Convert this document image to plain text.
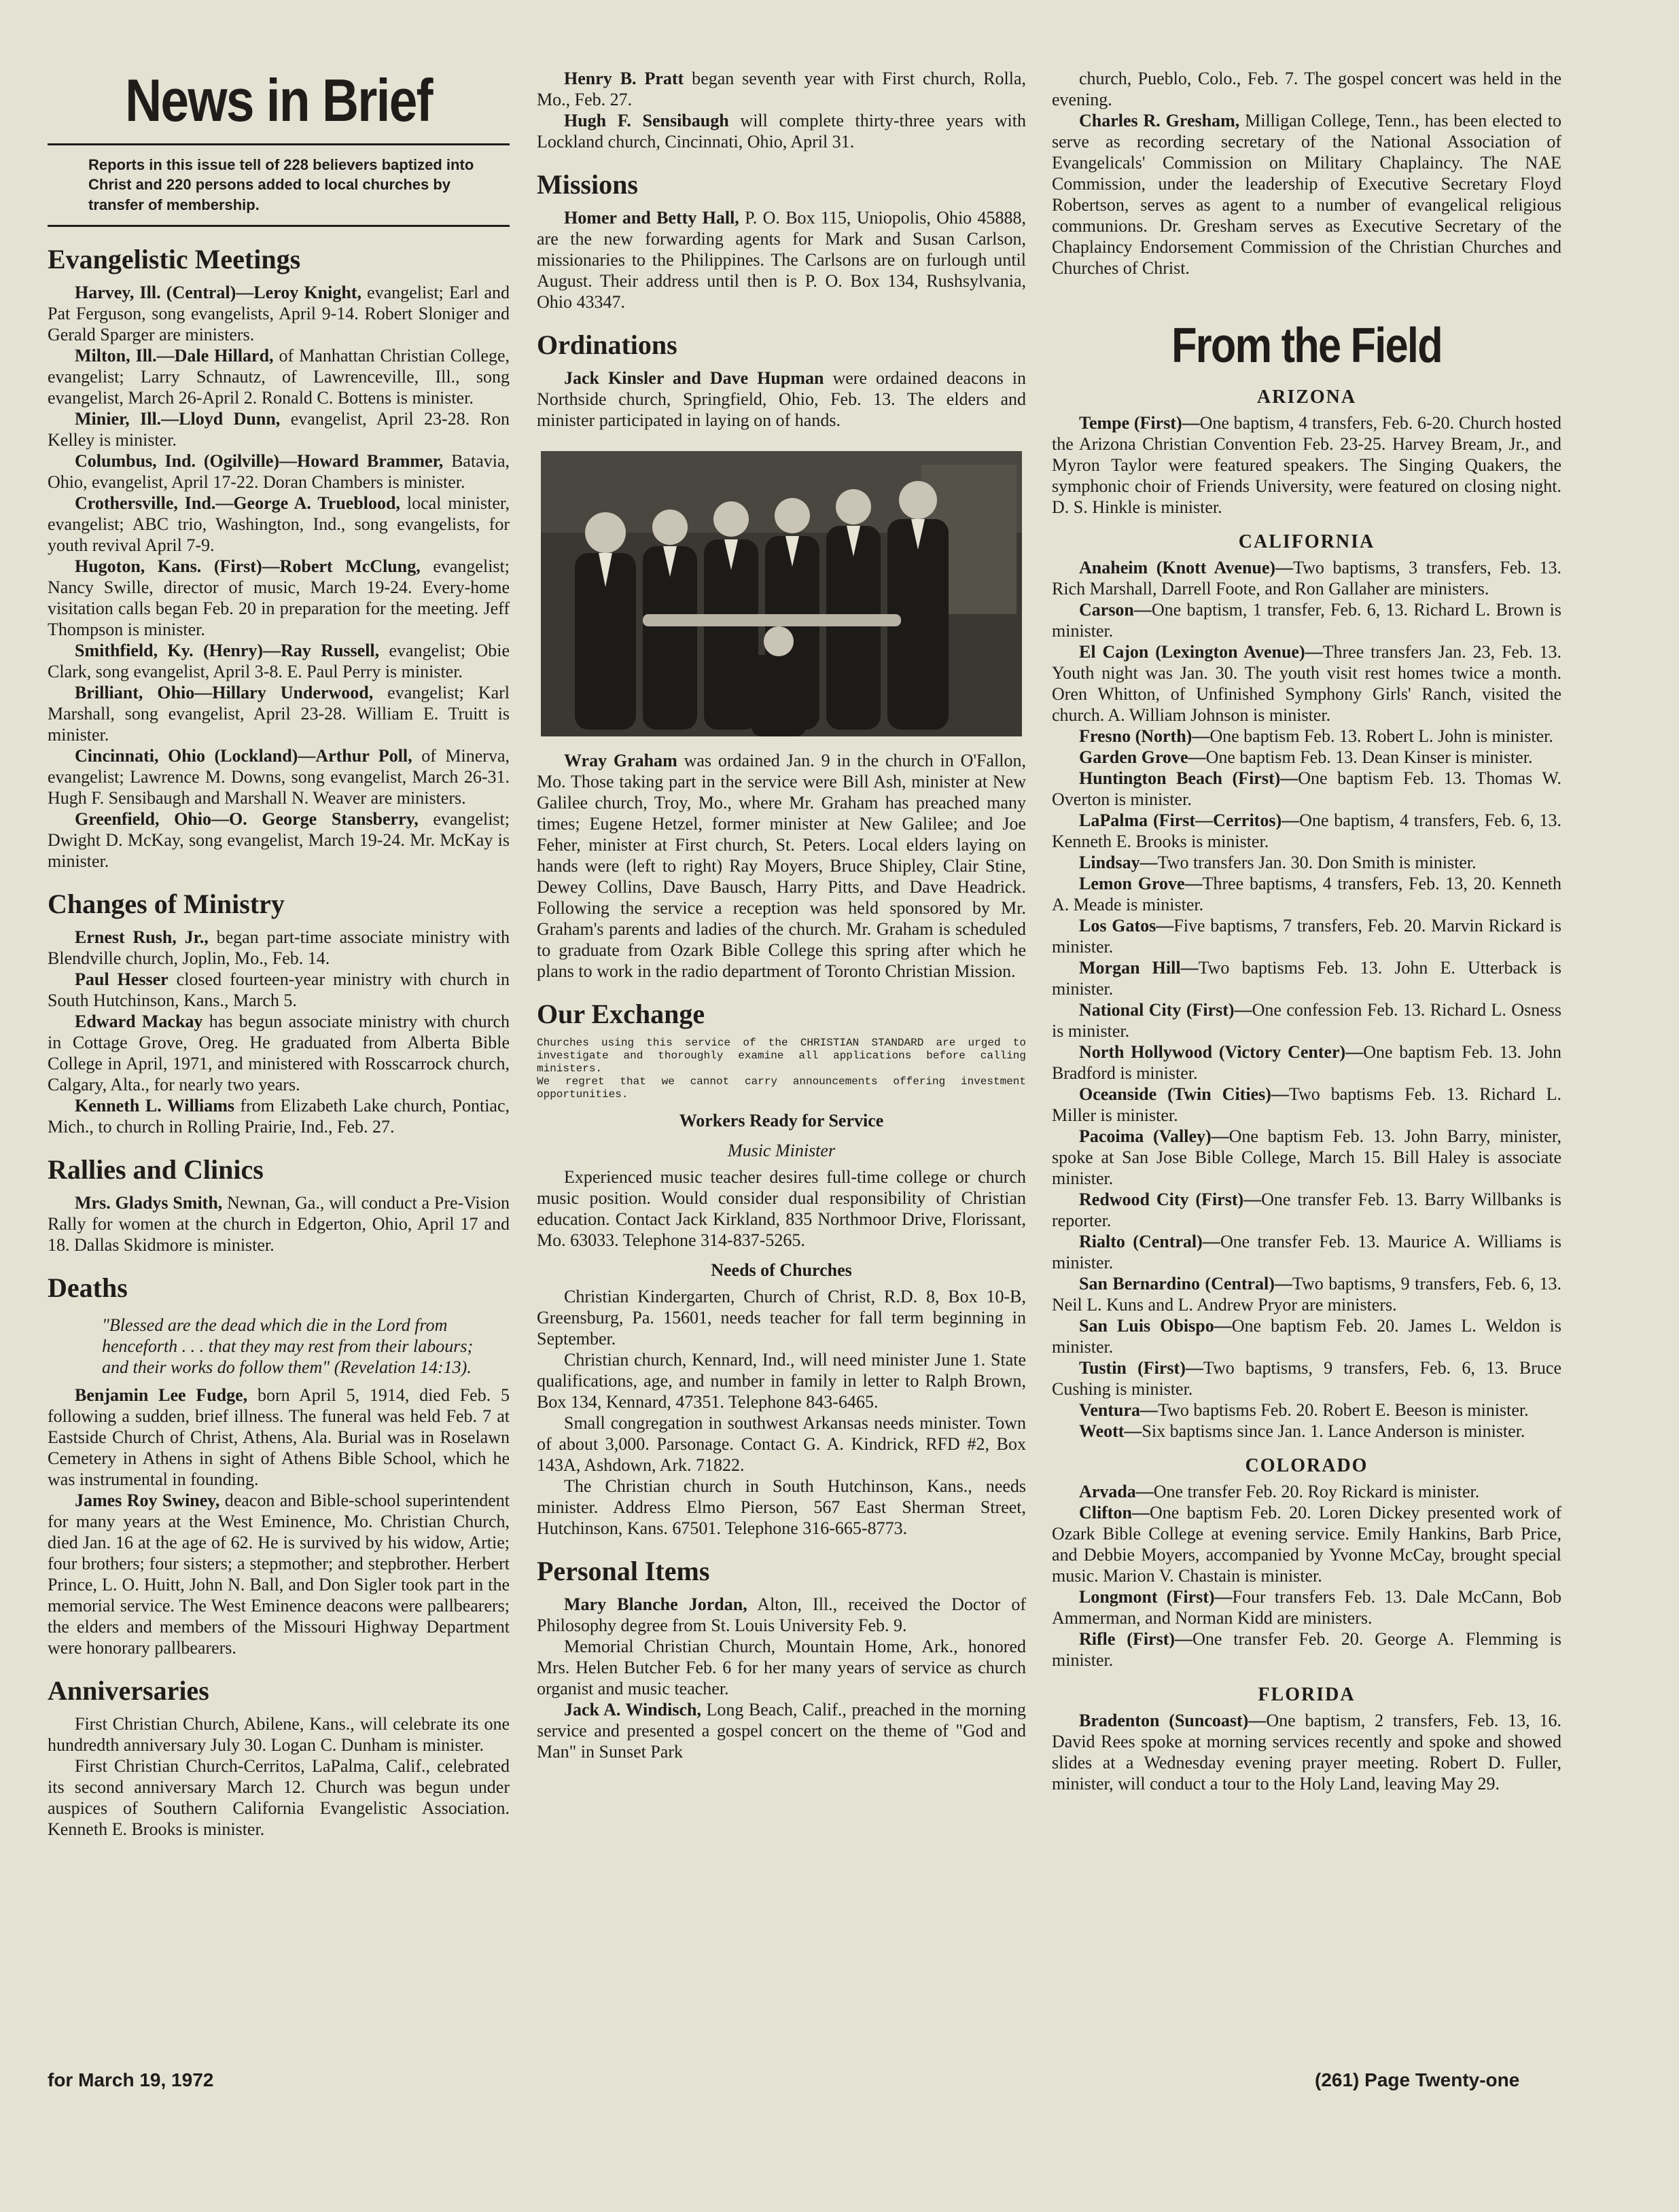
News in Brief
Reports in this issue tell of 228 believers baptized into Christ and 220 persons added to local churches by transfer of membership.
Evangelistic Meetings

Harvey, Ill. (Central)—Leroy Knight, evangelist; Earl and Pat Ferguson, song evangelists, April 9-14. Robert Sloniger and Gerald Sparger are ministers.

Milton, Ill.—Dale Hillard, of Manhattan Christian College, evangelist; Larry Schnautz, of Lawrenceville, Ill., song evangelist, March 26-April 2. Ronald C. Bottens is minister.

Minier, Ill.—Lloyd Dunn, evangelist, April 23-28. Ron Kelley is minister.

Columbus, Ind. (Ogilville)—Howard Brammer, Batavia, Ohio, evangelist, April 17-22. Doran Chambers is minister.

Crothersville, Ind.—George A. Trueblood, local minister, evangelist; ABC trio, Washington, Ind., song evangelists, for youth revival April 7-9.

Hugoton, Kans. (First)—Robert McClung, evangelist; Nancy Swille, director of music, March 19-24. Every-home visitation calls began Feb. 20 in preparation for the meeting. Jeff Thompson is minister.

Smithfield, Ky. (Henry)—Ray Russell, evangelist; Obie Clark, song evangelist, April 3-8. E. Paul Perry is minister.

Brilliant, Ohio—Hillary Underwood, evangelist; Karl Marshall, song evangelist, April 23-28. William E. Truitt is minister.

Cincinnati, Ohio (Lockland)—Arthur Poll, of Minerva, evangelist; Lawrence M. Downs, song evangelist, March 26-31. Hugh F. Sensibaugh and Marshall N. Weaver are ministers.

Greenfield, Ohio—O. George Stansberry, evangelist; Dwight D. McKay, song evangelist, March 19-24. Mr. McKay is minister.

Changes of Ministry

Ernest Rush, Jr., began part-time associate ministry with Blendville church, Joplin, Mo., Feb. 14.

Paul Hesser closed fourteen-year ministry with church in South Hutchinson, Kans., March 5.

Edward Mackay has begun associate ministry with church in Cottage Grove, Oreg. He graduated from Alberta Bible College in April, 1971, and ministered with Rosscarrock church, Calgary, Alta., for nearly two years.

Kenneth L. Williams from Elizabeth Lake church, Pontiac, Mich., to church in Rolling Prairie, Ind., Feb. 27.

Rallies and Clinics

Mrs. Gladys Smith, Newnan, Ga., will conduct a Pre-Vision Rally for women at the church in Edgerton, Ohio, April 17 and 18. Dallas Skidmore is minister.

Deaths

"Blessed are the dead which die in the Lord from henceforth . . . that they may rest from their labours; and their works do follow them" (Revelation 14:13).

Benjamin Lee Fudge, born April 5, 1914, died Feb. 5 following a sudden, brief illness. The funeral was held Feb. 7 at Eastside Church of Christ, Athens, Ala. Burial was in Roselawn Cemetery in Athens in sight of Athens Bible School, which he was instrumental in founding.

James Roy Swiney, deacon and Bible-school superintendent for many years at the West Eminence, Mo. Christian Church, died Jan. 16 at the age of 62. He is survived by his widow, Artie; four brothers; four sisters; a stepmother; and stepbrother. Herbert Prince, L. O. Huitt, John N. Ball, and Don Sigler took part in the memorial service. The West Eminence deacons were pallbearers; the elders and members of the Missouri Highway Department were honorary pallbearers.

Anniversaries

First Christian Church, Abilene, Kans., will celebrate its one hundredth anniversary July 30. Logan C. Dunham is minister.

First Christian Church-Cerritos, LaPalma, Calif., celebrated its second anniversary March 12. Church was begun under auspices of Southern California Evangelistic Association. Kenneth E. Brooks is minister.

Henry B. Pratt began seventh year with First church, Rolla, Mo., Feb. 27.

Hugh F. Sensibaugh will complete thirty-three years with Lockland church, Cincinnati, Ohio, April 31.

Missions

Homer and Betty Hall, P. O. Box 115, Uniopolis, Ohio 45888, are the new forwarding agents for Mark and Susan Carlson, missionaries to the Philippines. The Carlsons are on furlough until August. Their address until then is P. O. Box 134, Rushsylvania, Ohio 43347.

Ordinations

Jack Kinsler and Dave Hupman were ordained deacons in Northside church, Springfield, Ohio, Feb. 13. The elders and minister participated in laying on of hands.

Wray Graham was ordained Jan. 9 in the church in O'Fallon, Mo. Those taking part in the service were Bill Ash, minister at New Galilee church, Troy, Mo., where Mr. Graham has preached many times; Eugene Hetzel, former minister at New Galilee; and Joe Feher, minister at First church, St. Peters. Local elders laying on hands were (left to right) Ray Moyers, Bruce Shipley, Clair Stine, Dewey Collins, Dave Bausch, Harry Pitts, and Dave Headrick. Following the service a reception was held sponsored by Mr. Graham's parents and ladies of the church. Mr. Graham is scheduled to graduate from Ozark Bible College this spring after which he plans to work in the radio department of Toronto Christian Mission.

Our Exchange

Churches using this service of the CHRISTIAN STANDARD are urged to investigate and thoroughly examine all applications before calling ministers.

We regret that we cannot carry announcements offering investment opportunities.

Workers Ready for Service
Music Minister

Experienced music teacher desires full-time college or church music position. Would consider dual responsibility of Christian education. Contact Jack Kirkland, 835 Northmoor Drive, Florissant, Mo. 63033. Telephone 314-837-5265.

Needs of Churches

Christian Kindergarten, Church of Christ, R.D. 8, Box 10-B, Greensburg, Pa. 15601, needs teacher for fall term beginning in September.

Christian church, Kennard, Ind., will need minister June 1. State qualifications, age, and number in family in letter to Ralph Brown, Box 134, Kennard, 47351. Telephone 843-6465.

Small congregation in southwest Arkansas needs minister. Town of about 3,000. Parsonage. Contact G. A. Kindrick, RFD #2, Box 143A, Ashdown, Ark. 71822.

The Christian church in South Hutchinson, Kans., needs minister. Address Elmo Pierson, 567 East Sherman Street, Hutchinson, Kans. 67501. Telephone 316-665-8773.

Personal Items

Mary Blanche Jordan, Alton, Ill., received the Doctor of Philosophy degree from St. Louis University Feb. 9.

Memorial Christian Church, Mountain Home, Ark., honored Mrs. Helen Butcher Feb. 6 for her many years of service as church organist and music teacher.

Jack A. Windisch, Long Beach, Calif., preached in the morning service and presented a gospel concert on the theme of "God and Man" in Sunset Park

church, Pueblo, Colo., Feb. 7. The gospel concert was held in the evening.

Charles R. Gresham, Milligan College, Tenn., has been elected to serve as recording secretary of the National Association of Evangelicals' Commission on Military Chaplaincy. The NAE Commission, under the leadership of Executive Secretary Floyd Robertson, serves as agent to a number of evangelical religious communions. Dr. Gresham serves as Executive Secretary of the Chaplaincy Endorsement Commission of the Christian Churches and Churches of Christ.

From the Field
ARIZONA

Tempe (First)—One baptism, 4 transfers, Feb. 6-20. Church hosted the Arizona Christian Convention Feb. 23-25. Harvey Bream, Jr., and Myron Taylor were featured speakers. The Singing Quakers, the symphonic choir of Friends University, were featured on closing night. D. S. Hinkle is minister.

CALIFORNIA

Anaheim (Knott Avenue)—Two baptisms, 3 transfers, Feb. 13. Rich Marshall, Darrell Foote, and Ron Gallaher are ministers.

Carson—One baptism, 1 transfer, Feb. 6, 13. Richard L. Brown is minister.

El Cajon (Lexington Avenue)—Three transfers Jan. 23, Feb. 13. Youth night was Jan. 30. The youth visit rest homes twice a month. Oren Whitton, of Unfinished Symphony Girls' Ranch, visited the church. A. William Johnson is minister.

Fresno (North)—One baptism Feb. 13. Robert L. John is minister.

Garden Grove—One baptism Feb. 13. Dean Kinser is minister.

Huntington Beach (First)—One baptism Feb. 13. Thomas W. Overton is minister.

LaPalma (First—Cerritos)—One baptism, 4 transfers, Feb. 6, 13. Kenneth E. Brooks is minister.

Lindsay—Two transfers Jan. 30. Don Smith is minister.

Lemon Grove—Three baptisms, 4 transfers, Feb. 13, 20. Kenneth A. Meade is minister.

Los Gatos—Five baptisms, 7 transfers, Feb. 20. Marvin Rickard is minister.

Morgan Hill—Two baptisms Feb. 13. John E. Utterback is minister.

National City (First)—One confession Feb. 13. Richard L. Osness is minister.

North Hollywood (Victory Center)—One baptism Feb. 13. John Bradford is minister.

Oceanside (Twin Cities)—Two baptisms Feb. 13. Richard L. Miller is minister.

Pacoima (Valley)—One baptism Feb. 13. John Barry, minister, spoke at San Jose Bible College, March 15. Bill Haley is associate minister.

Redwood City (First)—One transfer Feb. 13. Barry Willbanks is reporter.

Rialto (Central)—One transfer Feb. 13. Maurice A. Williams is minister.

San Bernardino (Central)—Two baptisms, 9 transfers, Feb. 6, 13. Neil L. Kuns and L. Andrew Pryor are ministers.

San Luis Obispo—One baptism Feb. 20. James L. Weldon is minister.

Tustin (First)—Two baptisms, 9 transfers, Feb. 6, 13. Bruce Cushing is minister.

Ventura—Two baptisms Feb. 20. Robert E. Beeson is minister.

Weott—Six baptisms since Jan. 1. Lance Anderson is minister.

COLORADO

Arvada—One transfer Feb. 20. Roy Rickard is minister.

Clifton—One baptism Feb. 20. Loren Dickey presented work of Ozark Bible College at evening service. Emily Hankins, Barb Price, and Debbie Moyers, accompanied by Yvonne McCay, brought special music. Marion V. Chastain is minister.

Longmont (First)—Four transfers Feb. 13. Dale McCann, Bob Ammerman, and Norman Kidd are ministers.

Rifle (First)—One transfer Feb. 20. George A. Flemming is minister.

FLORIDA

Bradenton (Suncoast)—One baptism, 2 transfers, Feb. 13, 16. David Rees spoke at morning services recently and spoke and showed slides at a Wednesday evening prayer meeting. Robert D. Fuller, minister, will conduct a tour to the Holy Land, leaving May 29.

for March 19, 1972	(261) Page Twenty-one
